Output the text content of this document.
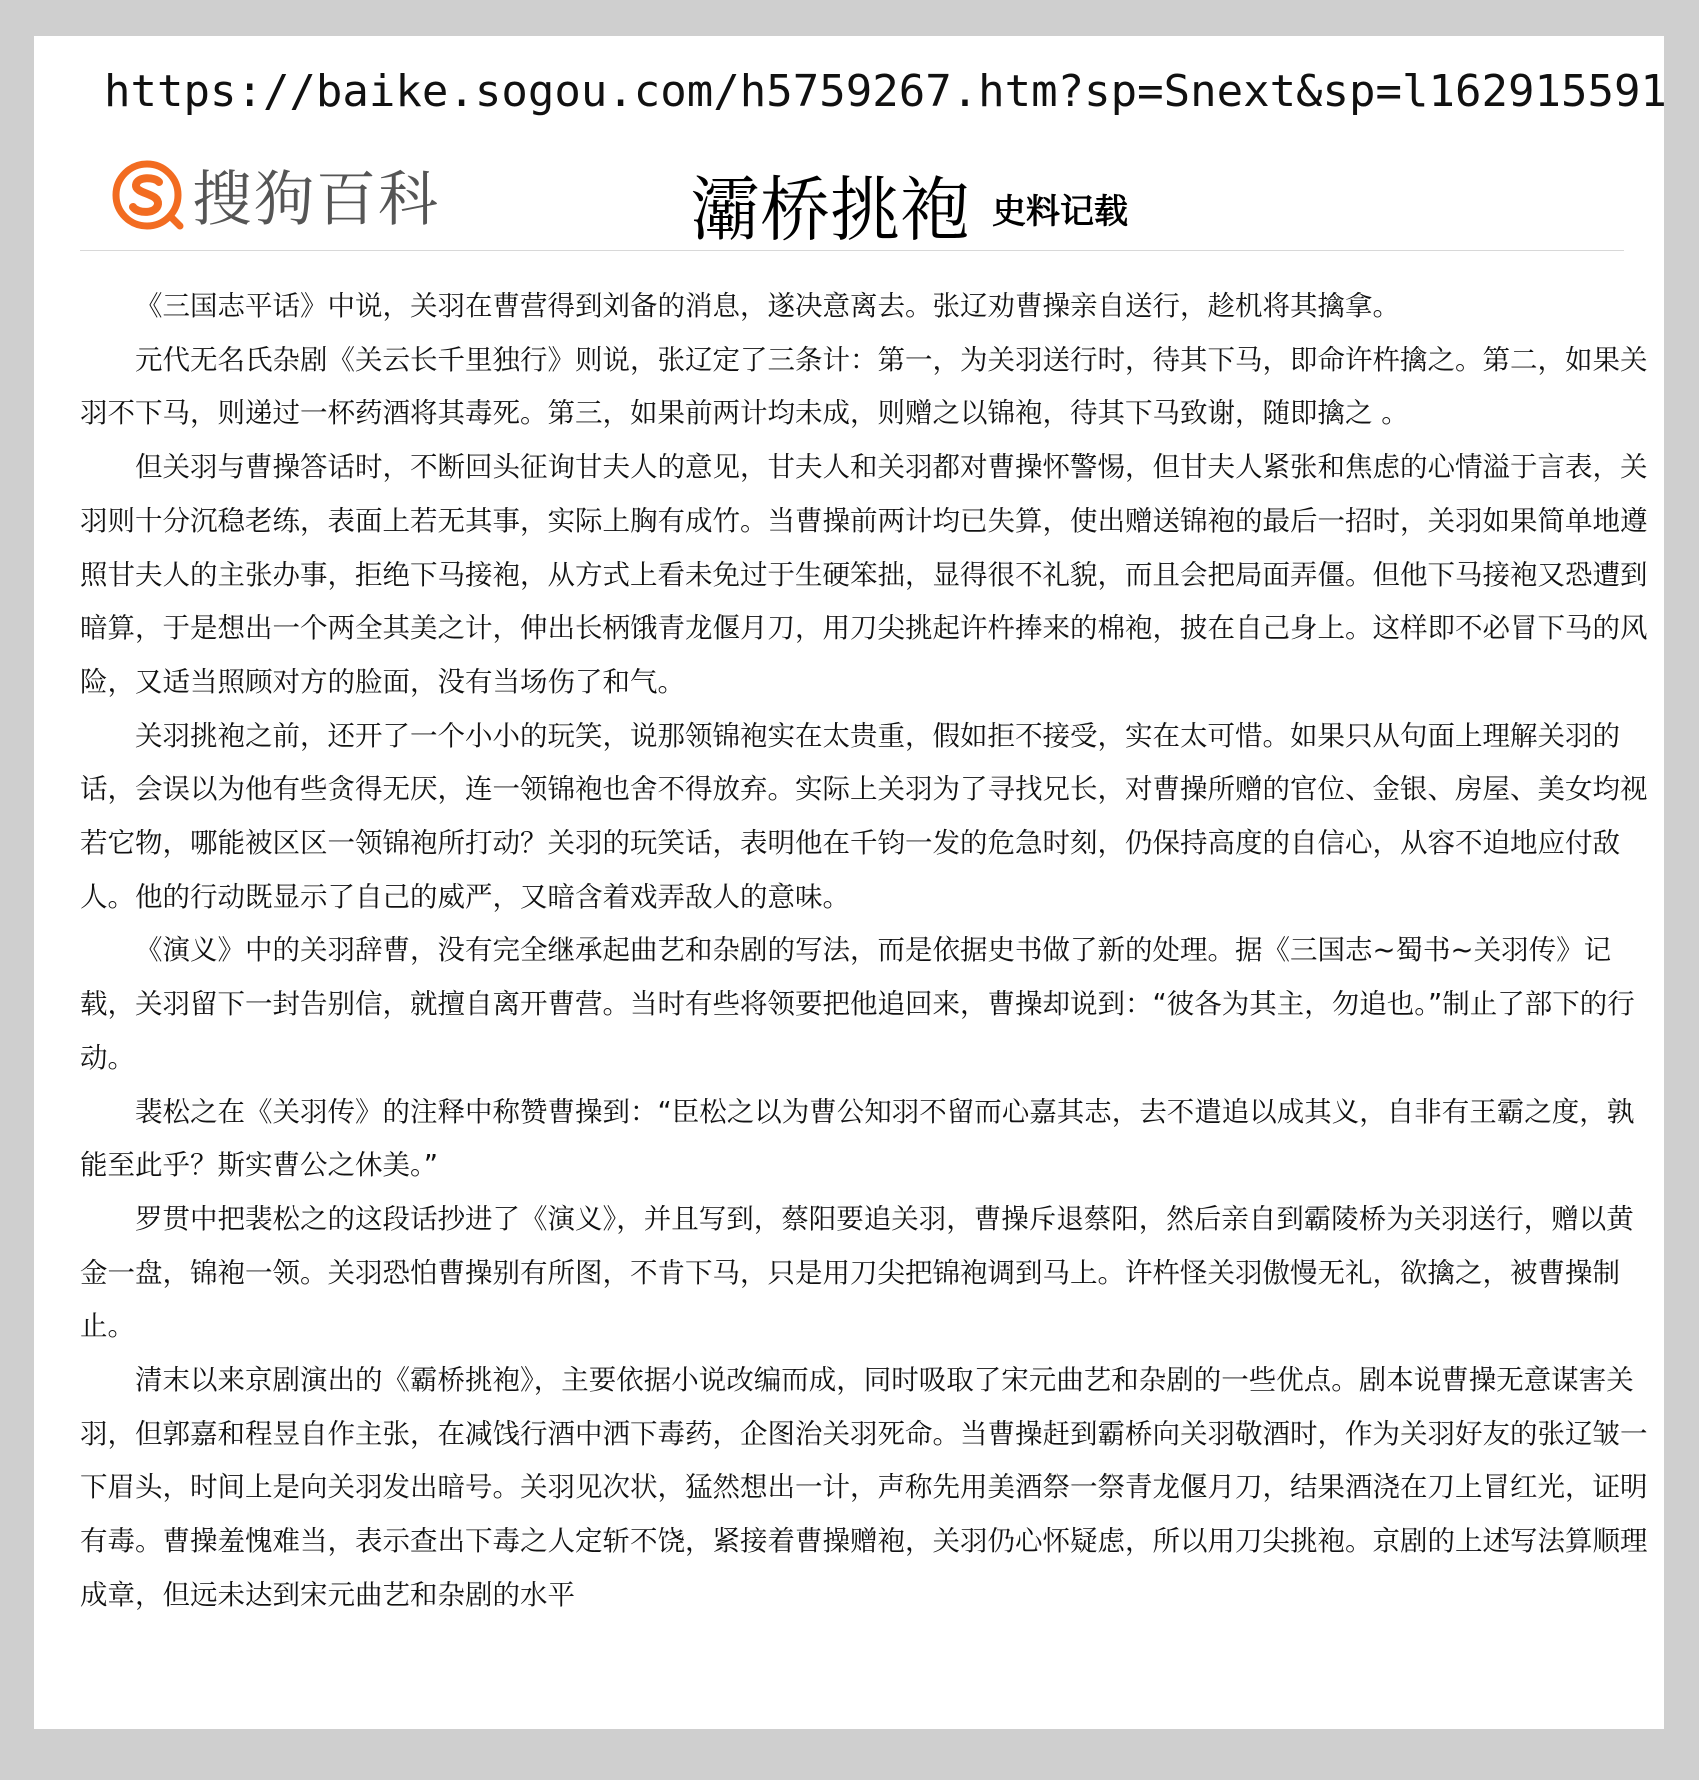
https://baike.sogou.com/h5759267.htm?sp=Snext&sp=l162915591
搜狗百科	灞桥挑袍 史料记载

《三国志平话》中说，关羽在曹营得到刘备的消息，遂决意离去。张辽劝曹操亲自送行，趁机将其擒拿。

元代无名氏杂剧《关云长千里独行》则说，张辽定了三条计：第一，为关羽送行时，待其下马，即命许杵擒之。第二，如果关羽不下马，则递过一杯药酒将其毒死。第三，如果前两计均未成，则赠之以锦袍，待其下马致谢，随即擒之 。

但关羽与曹操答话时，不断回头征询甘夫人的意见，甘夫人和关羽都对曹操怀警惕，但甘夫人紧张和焦虑的心情溢于言表，关羽则十分沉稳老练，表面上若无其事，实际上胸有成竹。当曹操前两计均已失算，使出赠送锦袍的最后一招时，关羽如果简单地遵照甘夫人的主张办事，拒绝下马接袍，从方式上看未免过于生硬笨拙，显得很不礼貌，而且会把局面弄僵。但他下马接袍又恐遭到暗算，于是想出一个两全其美之计，伸出长柄饿青龙偃月刀，用刀尖挑起许杵捧来的棉袍，披在自己身上。这样即不必冒下马的风险，又适当照顾对方的脸面，没有当场伤了和气。

关羽挑袍之前，还开了一个小小的玩笑，说那领锦袍实在太贵重，假如拒不接受，实在太可惜。如果只从句面上理解关羽的话，会误以为他有些贪得无厌，连一领锦袍也舍不得放弃。实际上关羽为了寻找兄长，对曹操所赠的官位、金银、房屋、美女均视若它物，哪能被区区一领锦袍所打动？关羽的玩笑话，表明他在千钧一发的危急时刻，仍保持高度的自信心，从容不迫地应付敌人。他的行动既显示了自己的威严，又暗含着戏弄敌人的意味。

《演义》中的关羽辞曹，没有完全继承起曲艺和杂剧的写法，而是依据史书做了新的处理。据《三国志~蜀书~关羽传》记载，关羽留下一封告别信，就擅自离开曹营。当时有些将领要把他追回来，曹操却说到：“彼各为其主，勿追也。”制止了部下的行动。

裴松之在《关羽传》的注释中称赞曹操到：“臣松之以为曹公知羽不留而心嘉其志，去不遣追以成其义，自非有王霸之度，孰能至此乎？斯实曹公之休美。”

罗贯中把裴松之的这段话抄进了《演义》，并且写到，蔡阳要追关羽，曹操斥退蔡阳，然后亲自到霸陵桥为关羽送行，赠以黄金一盘，锦袍一领。关羽恐怕曹操别有所图，不肯下马，只是用刀尖把锦袍调到马上。许杵怪关羽傲慢无礼，欲擒之，被曹操制止。

清末以来京剧演出的《霸桥挑袍》，主要依据小说改编而成，同时吸取了宋元曲艺和杂剧的一些优点。剧本说曹操无意谋害关羽，但郭嘉和程昱自作主张，在减饯行酒中洒下毒药，企图治关羽死命。当曹操赶到霸桥向关羽敬酒时，作为关羽好友的张辽皱一下眉头，时间上是向关羽发出暗号。关羽见次状，猛然想出一计，声称先用美酒祭一祭青龙偃月刀，结果酒浇在刀上冒红光，证明有毒。曹操羞愧难当，表示查出下毒之人定斩不饶，紧接着曹操赠袍，关羽仍心怀疑虑，所以用刀尖挑袍。京剧的上述写法算顺理成章，但远未达到宋元曲艺和杂剧的水平
